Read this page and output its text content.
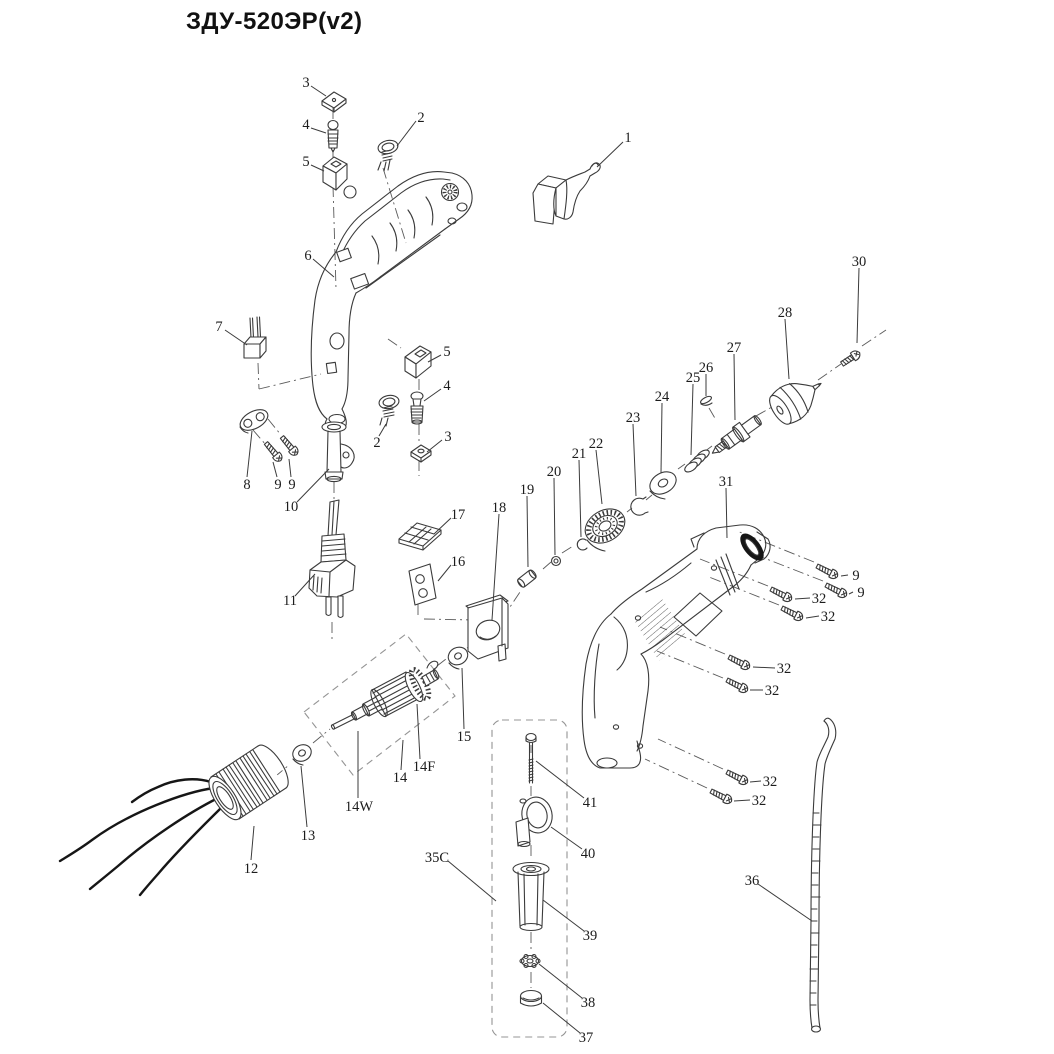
ЗДУ-520ЭР(v2)
3
4
5
2
1
6
7
5
4
3
2
8 9 9
10
11
17
16
18
19
20
21
22
23
24
26
25
27
28
30
31
9
9
32
32
32
32
32
32
15
14F
14
14W
13
12
35C
41
40
39
38
37
36
